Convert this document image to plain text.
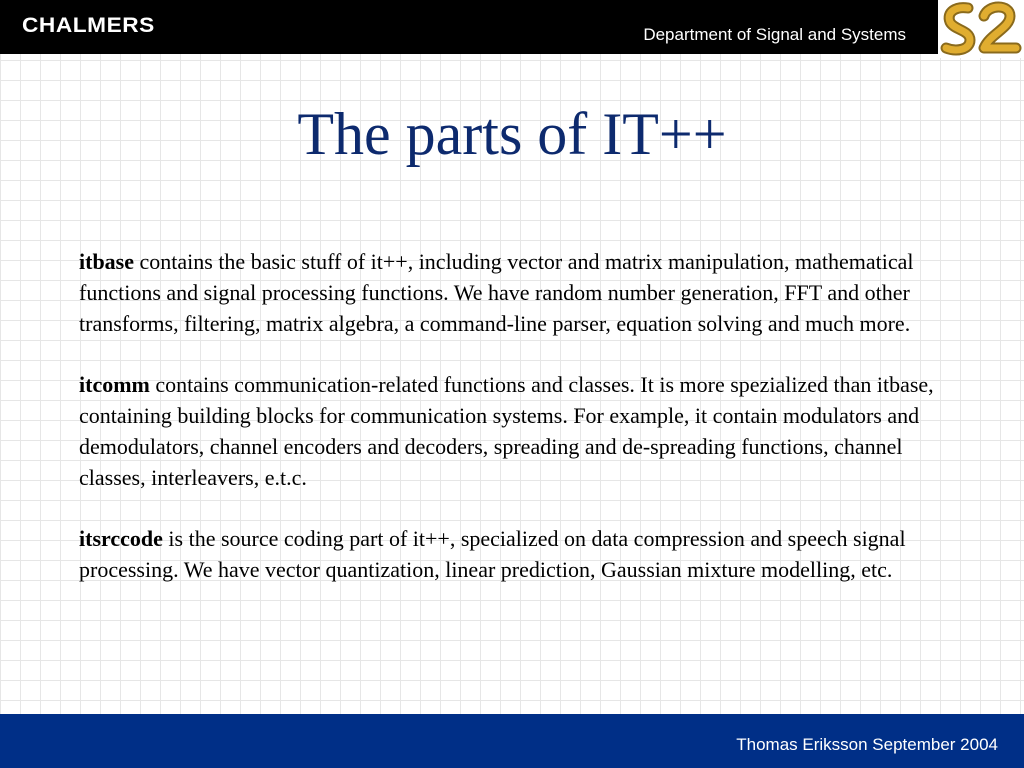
CHALMERS	Department of Signal and Systems
The parts of IT++

itbase contains the basic stuff of it++, including vector and matrix manipulation, mathematical functions and signal processing functions. We have random number generation, FFT and other transforms, filtering, matrix algebra, a command-line parser, equation solving and much more.

itcomm contains communication-related functions and classes. It is more spezialized than itbase, containing building blocks for communication systems. For example, it contain modulators and demodulators, channel encoders and decoders, spreading and de-spreading functions, channel classes, interleavers, e.t.c.

itsrccode is the source coding part of it++, specialized on data compression and speech signal processing. We have vector quantization, linear prediction, Gaussian mixture modelling, etc.

Thomas Eriksson September 2004
